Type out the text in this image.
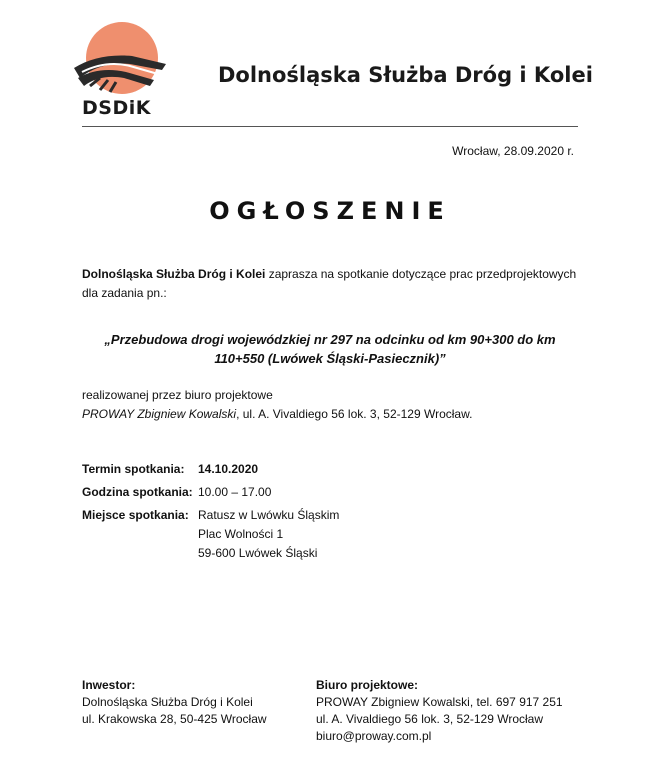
DSDiK
Dolnośląska Służba Dróg i Kolei
Wrocław, 28.09.2020 r.
OGŁOSZENIE
Dolnośląska Służba Dróg i Kolei zaprasza na spotkanie dotyczące prac przedprojektowych dla zadania pn.:
„Przebudowa drogi wojewódzkiej nr 297 na odcinku od km 90+300 do km
110+550 (Lwówek Śląski-Pasiecznik)”
realizowanej przez biuro projektowe
PROWAY Zbigniew Kowalski, ul. A. Vivaldiego 56 lok. 3, 52-129 Wrocław.
Termin spotkania:	14.10.2020
Godzina spotkania: 10.00 – 17.00
Miejsce spotkania: Ratusz w Lwówku Śląskim
Plac Wolności 1
59-600 Lwówek Śląski
Inwestor:
Dolnośląska Służba Dróg i Kolei
ul. Krakowska 28, 50-425 Wrocław
Biuro projektowe:
PROWAY Zbigniew Kowalski, tel. 697 917 251
ul. A. Vivaldiego 56 lok. 3, 52-129 Wrocław
biuro@proway.com.pl
